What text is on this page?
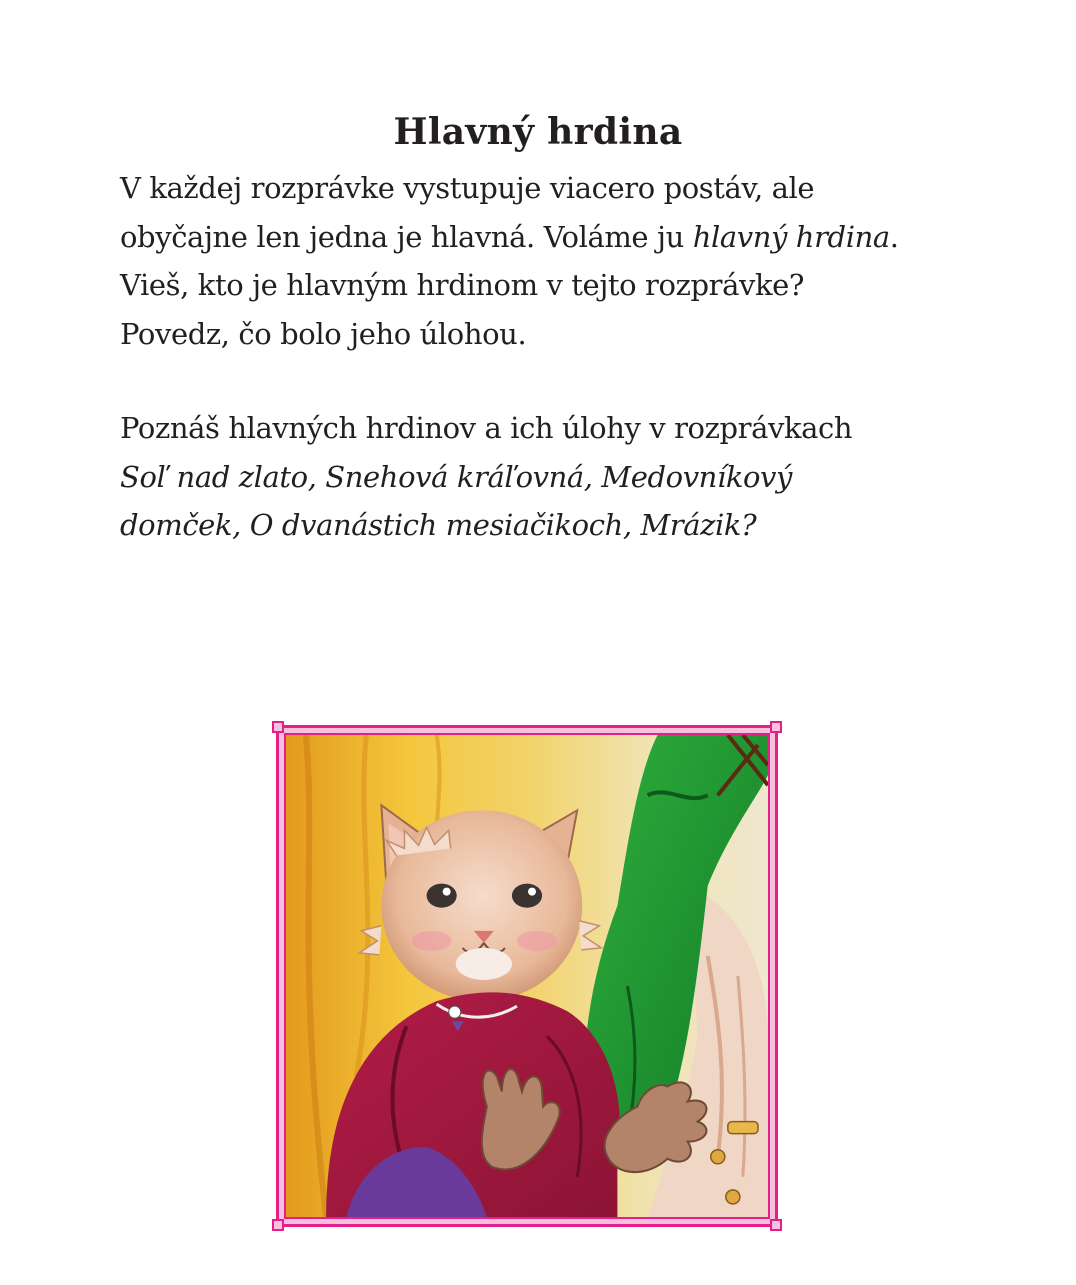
Hlavný hrdina
V každej rozprávke vystupuje viacero postáv, ale
obyčajne len jedna je hlavná. Voláme ju hlavný hrdina.
Vieš, kto je hlavným hrdinom v tejto rozprávke?
Povedz, čo bolo jeho úlohou.
Poznáš hlavných hrdinov a ich úlohy v rozprávkach
Soľ nad zlato, Snehová kráľovná, Medovníkový
domček, O dvanástich mesiačikoch, Mrázik?
